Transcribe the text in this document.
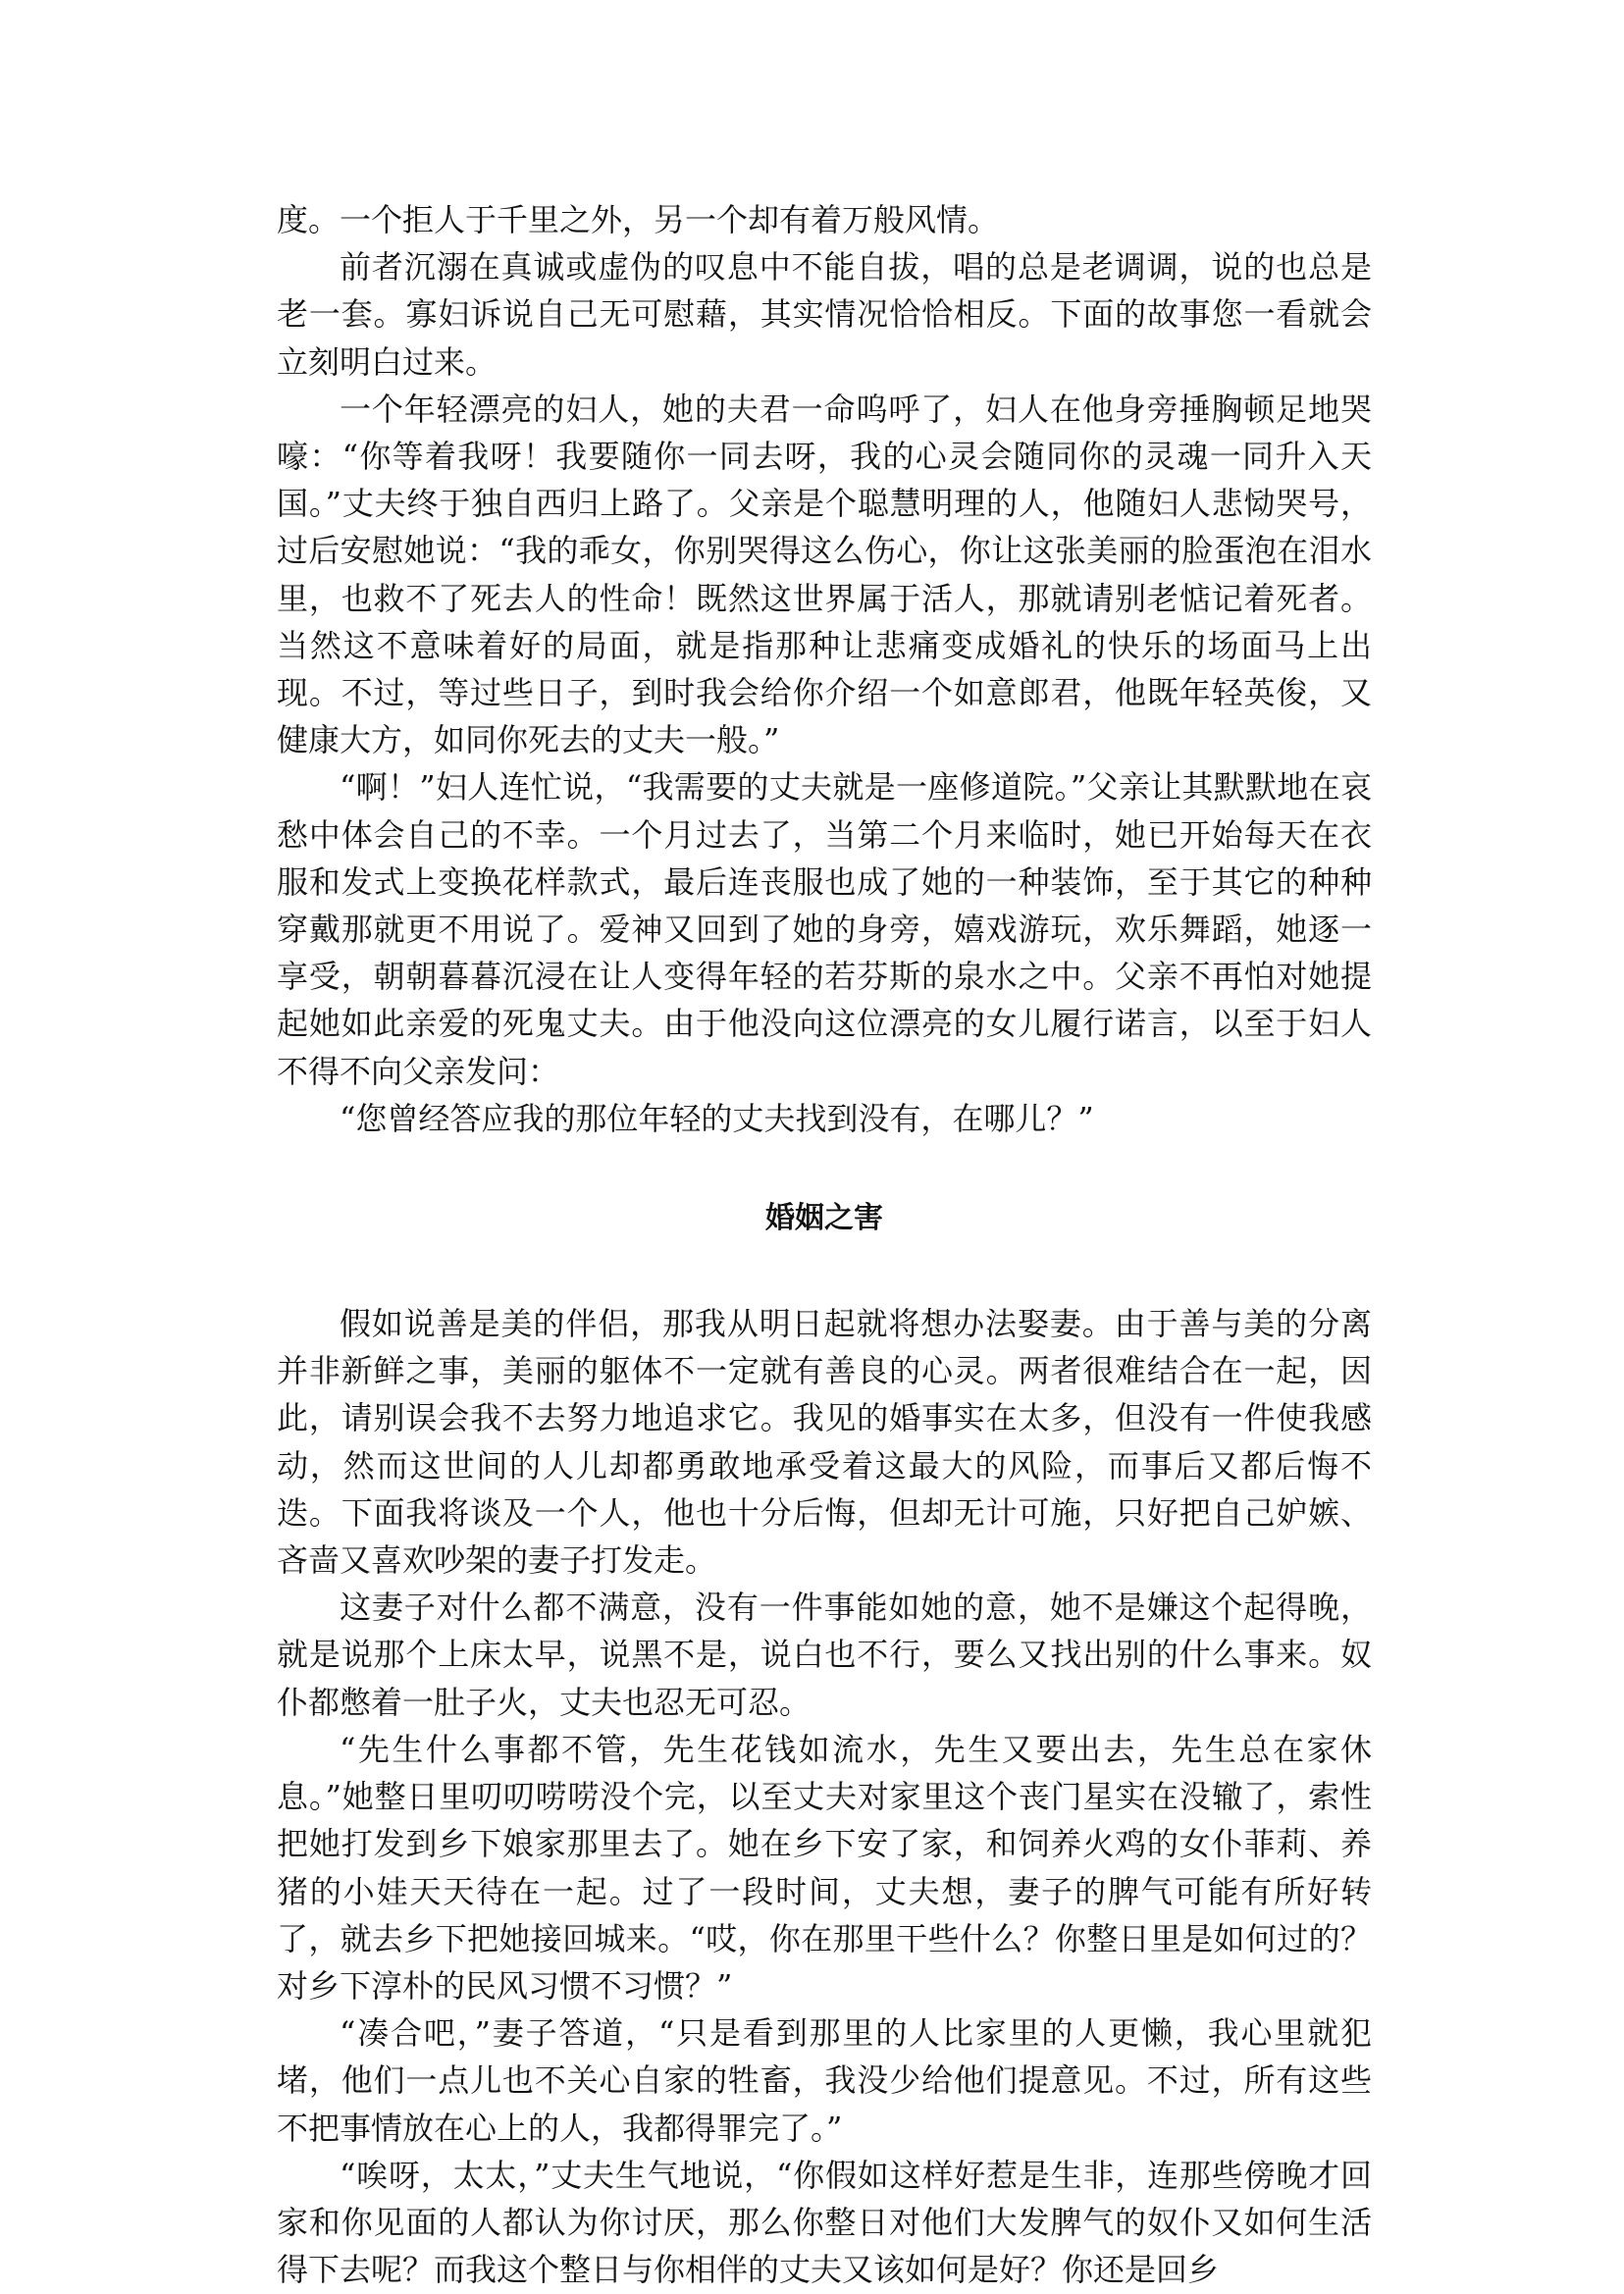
度。一个拒人于千里之外，另一个却有着万般风情。

前者沉溺在真诚或虚伪的叹息中不能自拔，唱的总是老调调，说的也总是老一套。寡妇诉说自己无可慰藉，其实情况恰恰相反。下面的故事您一看就会立刻明白过来。

一个年轻漂亮的妇人，她的夫君一命呜呼了，妇人在他身旁捶胸顿足地哭嚎：“你等着我呀！我要随你一同去呀，我的心灵会随同你的灵魂一同升入天国。”丈夫终于独自西归上路了。父亲是个聪慧明理的人，他随妇人悲恸哭号，过后安慰她说：“我的乖女，你别哭得这么伤心，你让这张美丽的脸蛋泡在泪水里，也救不了死去人的性命！既然这世界属于活人，那就请别老惦记着死者。当然这不意味着好的局面，就是指那种让悲痛变成婚礼的快乐的场面马上出现。不过，等过些日子，到时我会给你介绍一个如意郎君，他既年轻英俊，又健康大方，如同你死去的丈夫一般。”

“啊！”妇人连忙说，“我需要的丈夫就是一座修道院。”父亲让其默默地在哀愁中体会自己的不幸。一个月过去了，当第二个月来临时，她已开始每天在衣服和发式上变换花样款式，最后连丧服也成了她的一种装饰，至于其它的种种穿戴那就更不用说了。爱神又回到了她的身旁，嬉戏游玩，欢乐舞蹈，她逐一享受，朝朝暮暮沉浸在让人变得年轻的若芬斯的泉水之中。父亲不再怕对她提起她如此亲爱的死鬼丈夫。由于他没向这位漂亮的女儿履行诺言，以至于妇人不得不向父亲发问：

“您曾经答应我的那位年轻的丈夫找到没有，在哪儿？”

婚姻之害

假如说善是美的伴侣，那我从明日起就将想办法娶妻。由于善与美的分离并非新鲜之事，美丽的躯体不一定就有善良的心灵。两者很难结合在一起，因此，请别误会我不去努力地追求它。我见的婚事实在太多，但没有一件使我感动，然而这世间的人儿却都勇敢地承受着这最大的风险，而事后又都后悔不迭。下面我将谈及一个人，他也十分后悔，但却无计可施，只好把自己妒嫉、吝啬又喜欢吵架的妻子打发走。

这妻子对什么都不满意，没有一件事能如她的意，她不是嫌这个起得晚，就是说那个上床太早，说黑不是，说白也不行，要么又找出别的什么事来。奴仆都憋着一肚子火，丈夫也忍无可忍。

“先生什么事都不管，先生花钱如流水，先生又要出去，先生总在家休息。”她整日里叨叨唠唠没个完，以至丈夫对家里这个丧门星实在没辙了，索性把她打发到乡下娘家那里去了。她在乡下安了家，和饲养火鸡的女仆菲莉、养猪的小娃天天待在一起。过了一段时间，丈夫想，妻子的脾气可能有所好转了，就去乡下把她接回城来。“哎，你在那里干些什么？你整日里是如何过的？对乡下淳朴的民风习惯不习惯？”

“凑合吧，”妻子答道，“只是看到那里的人比家里的人更懒，我心里就犯堵，他们一点儿也不关心自家的牲畜，我没少给他们提意见。不过，所有这些不把事情放在心上的人，我都得罪完了。”

“唉呀，太太，”丈夫生气地说，“你假如这样好惹是生非，连那些傍晚才回家和你见面的人都认为你讨厌，那么你整日对他们大发脾气的奴仆又如何生活得下去呢？而我这个整日与你相伴的丈夫又该如何是好？你还是回乡
